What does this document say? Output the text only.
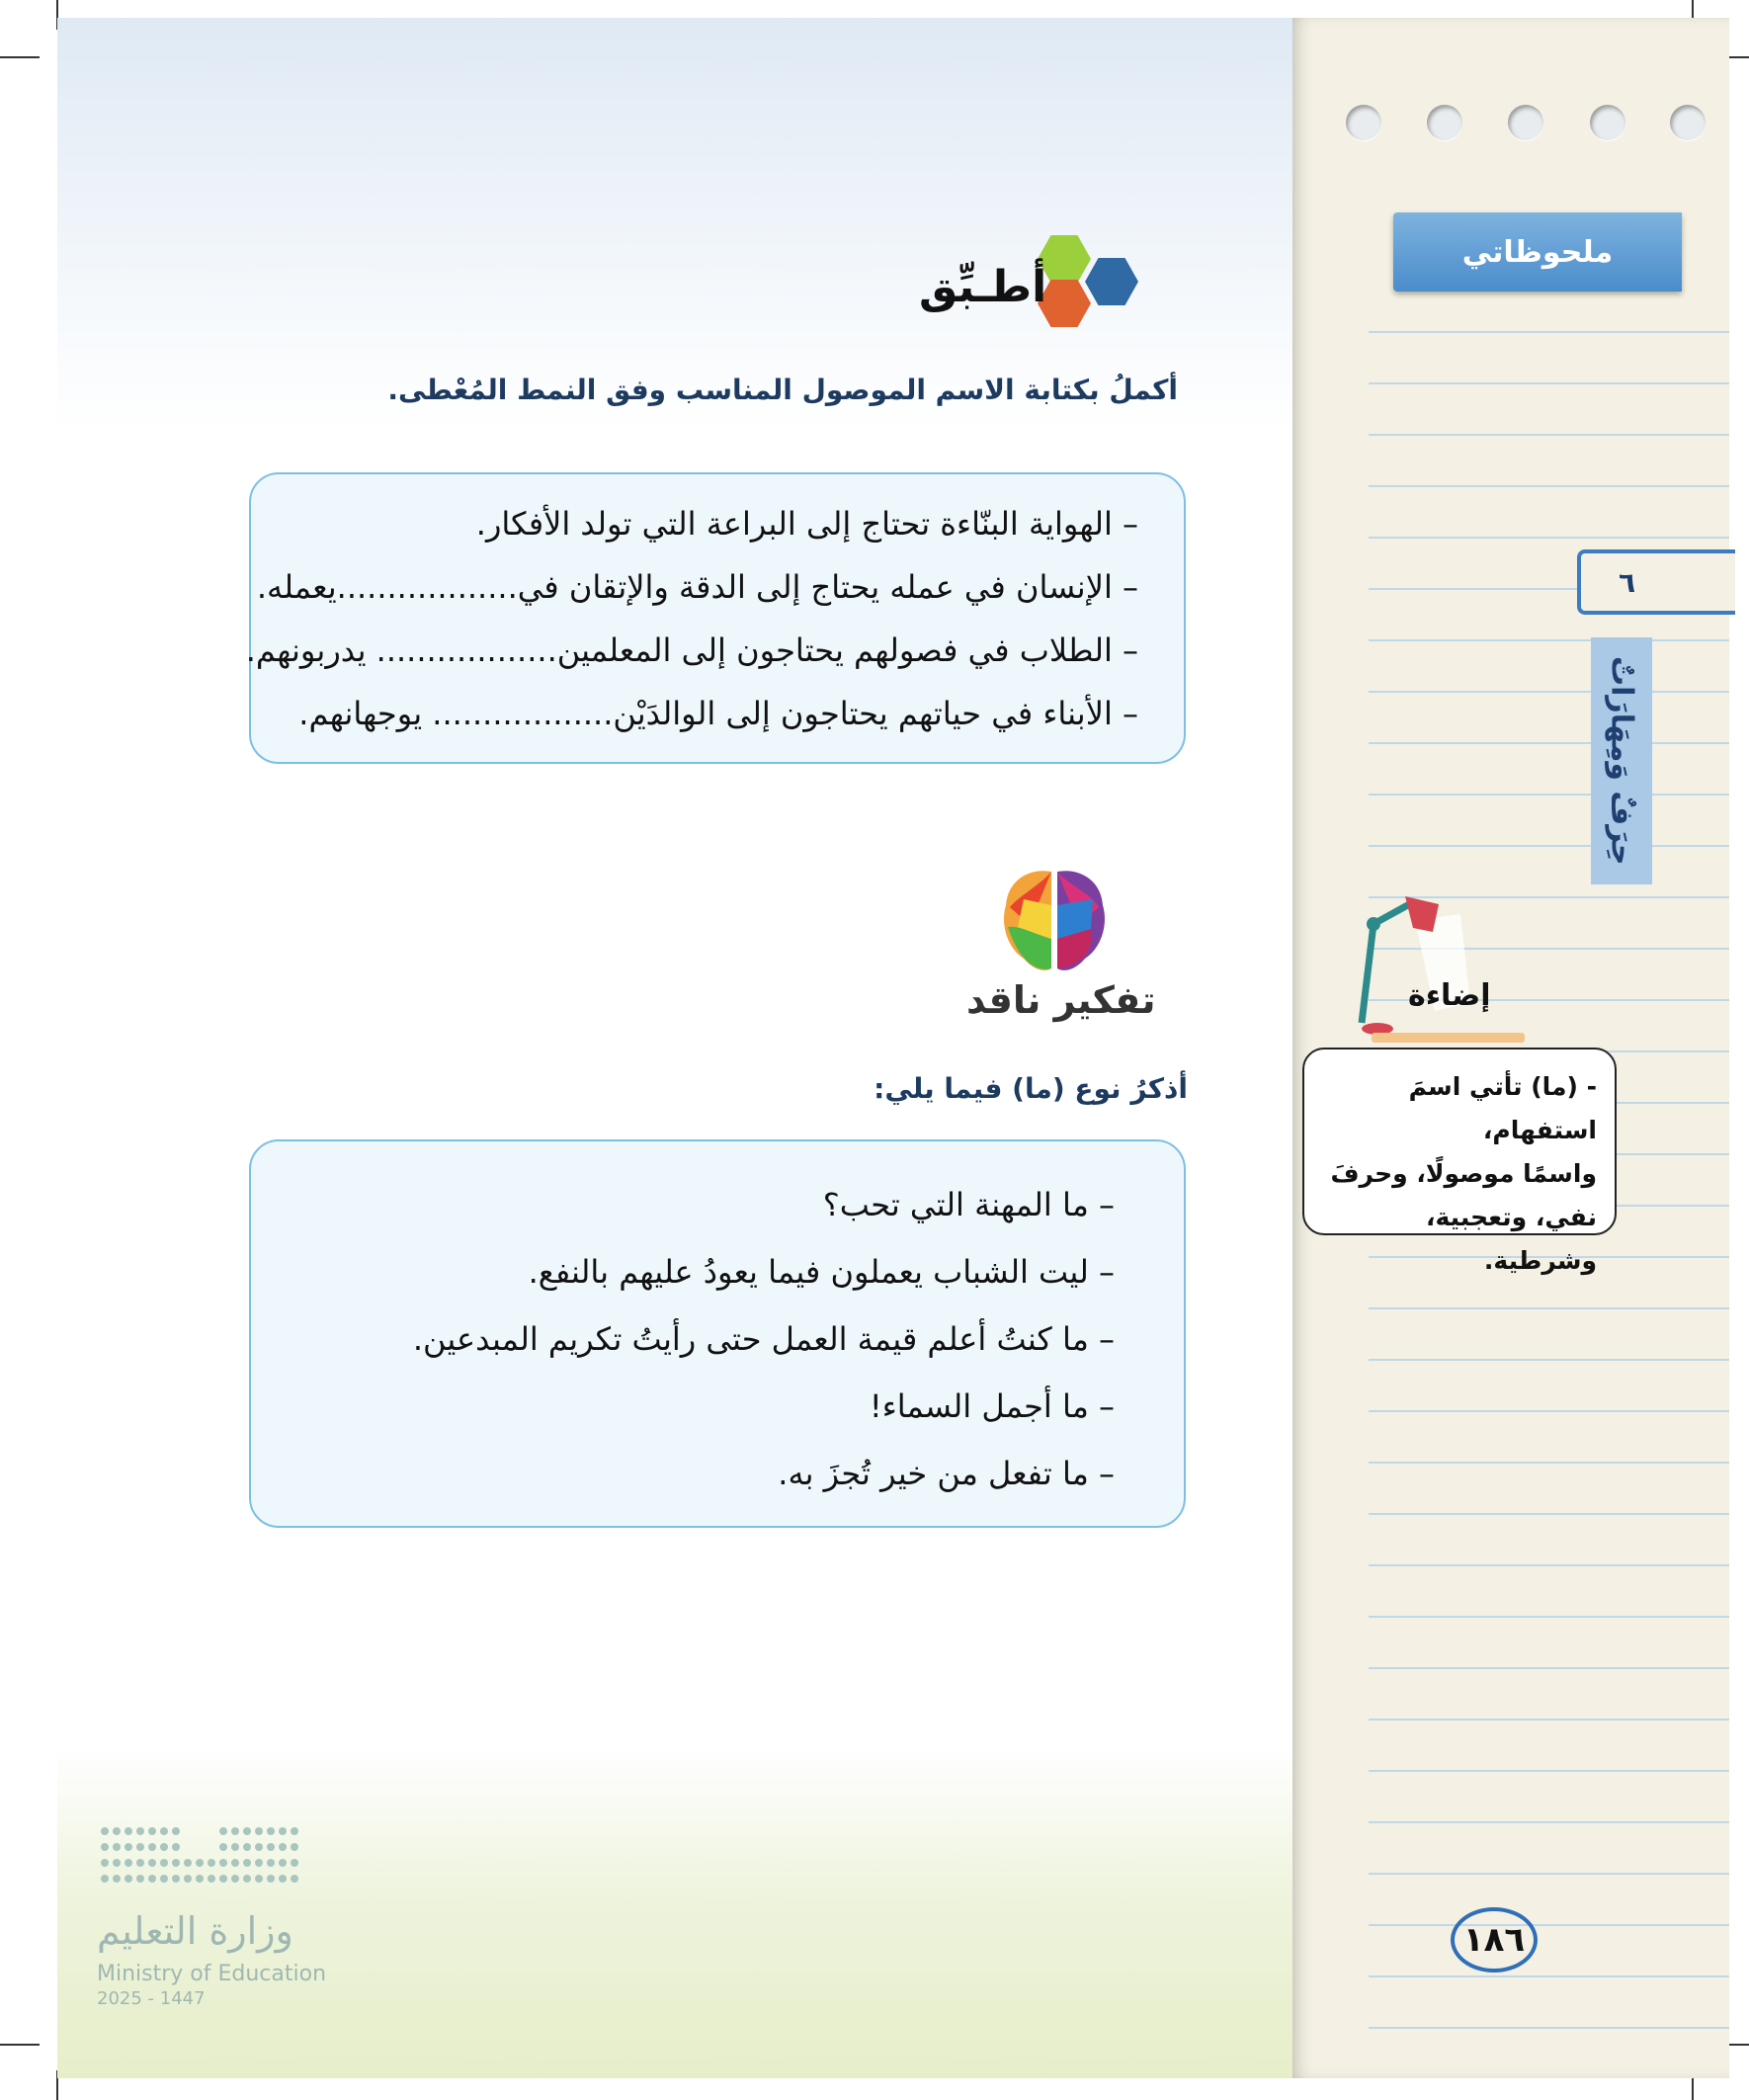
ملحوظاتي
٦
حِرَفٌ وَمِهَارَاتٌ
إضاءة
- (ما) تأتي اسمَ استفهام،
واسمًا موصولًا، وحرفَ
نفي، وتعجبية، وشرطية.
١٨٦
أطـبِّق
أكملُ بكتابة الاسم الموصول المناسب وفق النمط المُعْطى.
– الهواية البنّاءة تحتاج إلى البراعة التي تولد الأفكار.
– الإنسان في عمله يحتاج إلى الدقة والإتقان في..................يعمله.
– الطلاب في فصولهم يحتاجون إلى المعلمين.................. يدربونهم.
– الأبناء في حياتهم يحتاجون إلى الوالدَيْن.................. يوجهانهم.
تفكير ناقد
أذكرُ نوع (ما) فيما يلي:
– ما المهنة التي تحب؟
– ليت الشباب يعملون فيما يعودُ عليهم بالنفع.
– ما كنتُ أعلم قيمة العمل حتى رأيتُ تكريم المبدعين.
– ما أجمل السماء!
– ما تفعل من خير تُجزَ به.
وزارة التعليم
Ministry of Education
2025 - 1447
